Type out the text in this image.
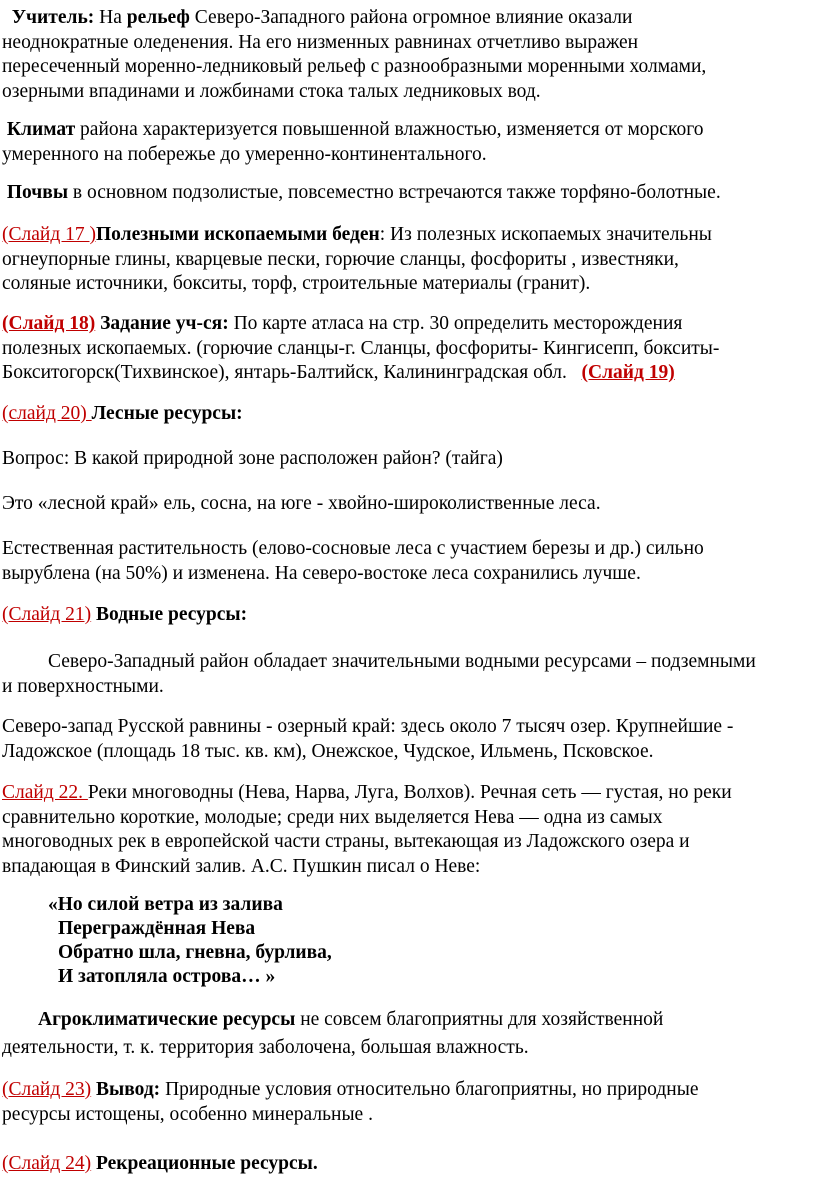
Учитель: На рельеф Северо-Западного района огромное влияние оказали
неоднократные оледенения. На его низменных равнинах отчетливо выражен
пересеченный моренно-ледниковый рельеф с разнообразными моренными холмами,
озерными впадинами и ложбинами стока талых ледниковых вод.
Климат района характеризуется повышенной влажностью, изменяется от морского
умеренного на побережье до умеренно-континентального.
Почвы в основном подзолистые, повсеместно встречаются также торфяно-болотные.
(Слайд 17 )Полезными ископаемыми беден: Из полезных ископаемых значительны
огнеупорные глины, кварцевые пески, горючие сланцы, фосфориты , известняки,
соляные источники, бокситы, торф, строительные материалы (гранит).
(Слайд 18) Задание уч-ся: По карте атласа на стр. 30 определить месторождения
полезных ископаемых. (горючие сланцы-г. Сланцы, фосфориты- Кингисепп, бокситы-
Бокситогорск(Тихвинское), янтарь-Балтийск, Калининградская обл. (Слайд 19)
(слайд 20) Лесные ресурсы:
Вопрос: В какой природной зоне расположен район? (тайга)
Это «лесной край» ель, сосна, на юге - хвойно-широколиственные леса.
Естественная растительность (елово-сосновые леса с участием березы и др.) сильно
вырублена (на 50%) и изменена. На северо-востоке леса сохранились лучше.
(Слайд 21) Водные ресурсы:
Северо-Западный район обладает значительными водными ресурсами – подземными
и поверхностными.
Северо-запад Русской равнины - озерный край: здесь около 7 тысяч озер. Крупнейшие -
Ладожское (площадь 18 тыс. кв. км), Онежское, Чудское, Ильмень, Псковское.
Слайд 22. Реки многоводны (Нева, Нарва, Луга, Волхов). Речная сеть — густая, но реки
сравнительно короткие, молодые; среди них выделяется Нева — одна из самых
многоводных рек в европейской части страны, вытекающая из Ладожского озера и
впадающая в Финский залив. А.С. Пушкин писал о Неве:
«Но силой ветра из залива
Переграждённая Нева
Обратно шла, гневна, бурлива,
И затопляла острова… »
Агроклиматические ресурсы не совсем благоприятны для хозяйственной
деятельности, т. к. территория заболочена, большая влажность.
(Слайд 23) Вывод: Природные условия относительно благоприятны, но природные
ресурсы истощены, особенно минеральные .
(Слайд 24) Рекреационные ресурсы.
